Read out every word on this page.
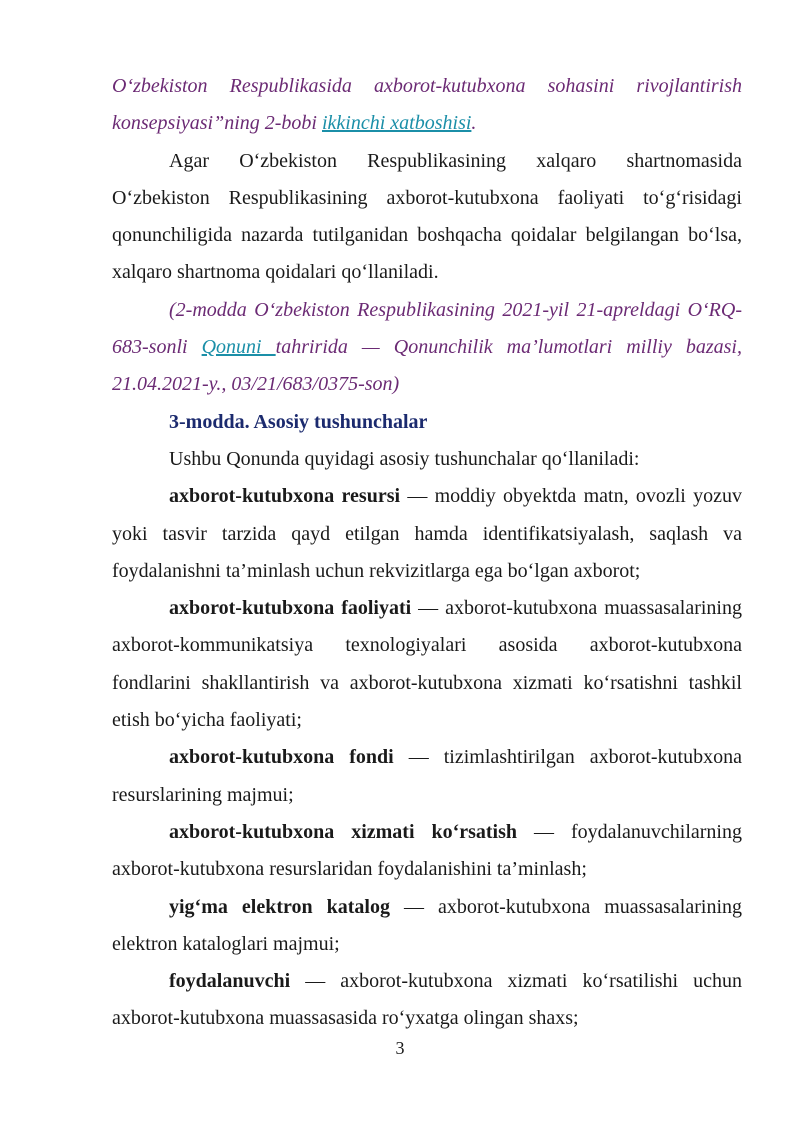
O‘zbekiston Respublikasida axborot-kutubxona sohasini rivojlantirish konsepsiyasi”ning 2-bobi ikkinchi xatboshisi.

Agar O‘zbekiston Respublikasining xalqaro shartnomasida O‘zbekiston Respublikasining axborot-kutubxona faoliyati to‘g‘risidagi qonunchiligida nazarda tutilganidan boshqacha qoidalar belgilangan bo‘lsa, xalqaro shartnoma qoidalari qo‘llaniladi.

(2-modda O‘zbekiston Respublikasining 2021-yil 21-apreldagi O‘RQ-683-sonli Qonuni tahririda — Qonunchilik ma’lumotlari milliy bazasi, 21.04.2021-y., 03/21/683/0375-son)

3-modda. Asosiy tushunchalar

Ushbu Qonunda quyidagi asosiy tushunchalar qo‘llaniladi:

axborot-kutubxona resursi — moddiy obyektda matn, ovozli yozuv yoki tasvir tarzida qayd etilgan hamda identifikatsiyalash, saqlash va foydalanishni ta’minlash uchun rekvizitlarga ega bo‘lgan axborot;

axborot-kutubxona faoliyati — axborot-kutubxona muassasalarining axborot-kommunikatsiya texnologiyalari asosida axborot-kutubxona fondlarini shakllantirish va axborot-kutubxona xizmati ko‘rsatishni tashkil etish bo‘yicha faoliyati;

axborot-kutubxona fondi — tizimlashtirilgan axborot-kutubxona resurslarining majmui;

axborot-kutubxona xizmati ko‘rsatish — foydalanuvchilarning axborot-kutubxona resurslaridan foydalanishini ta’minlash;

yig‘ma elektron katalog — axborot-kutubxona muassasalarining elektron kataloglari majmui;

foydalanuvchi — axborot-kutubxona xizmati ko‘rsatilishi uchun axborot-kutubxona muassasasida ro‘yxatga olingan shaxs;

3
